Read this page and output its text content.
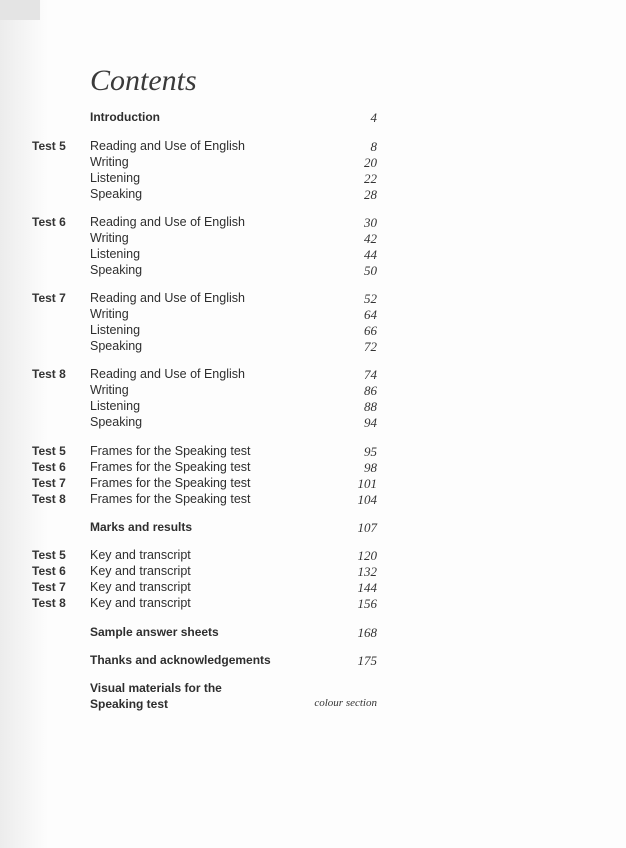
Contents
Introduction	4
Test 5 Reading and Use of English	8
Writing	20
Listening	22
Speaking	28
Test 6 Reading and Use of English	30
Writing	42
Listening	44
Speaking	50
Test 7 Reading and Use of English	52
Writing	64
Listening	66
Speaking	72
Test 8 Reading and Use of English	74
Writing	86
Listening	88
Speaking	94
Test 5 Frames for the Speaking test	95
Test 6 Frames for the Speaking test	98
Test 7 Frames for the Speaking test	101
Test 8 Frames for the Speaking test	104
Marks and results	107
Test 5 Key and transcript	120
Test 6 Key and transcript	132
Test 7 Key and transcript	144
Test 8 Key and transcript	156
Sample answer sheets	168
Thanks and acknowledgements	175
Visual materials for the
Speaking test	colour section
